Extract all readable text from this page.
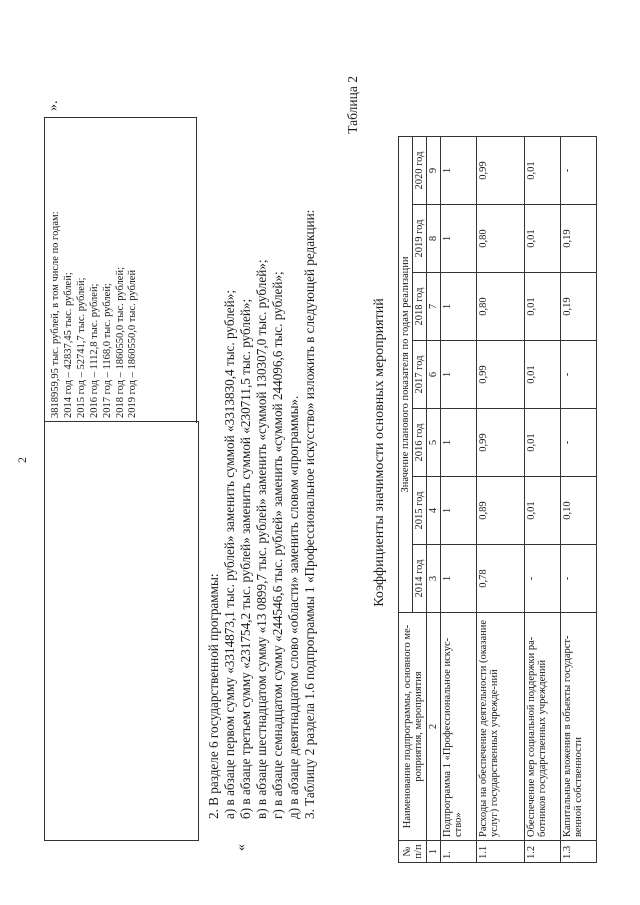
2
3818959,95 тыс. рублей, в том числе по годам: 2014 год – 42837,45 тыс. рублей; 2015 год – 52741,7 тыс. рублей; 2016 год – 1112,8 тыс. рублей; 2017 год – 1168,0 тыс. рублей; 2018 год – 1860550,0 тыс. рублей; 2019 год – 1860550,0 тыс. рублей
».
«
2. В разделе 6 государственной программы: а) в абзаце первом сумму «3314873,1 тыс. рублей» заменить суммой «3313830,4 тыс. рублей»; б) в абзаце третьем сумму «231754,2 тыс. рублей» заменить суммой «230711,5 тыс. рублей»; в) в абзаце шестнадцатом сумму «13 0899,7 тыс. рублей» заменить «суммой 130307,0 тыс. рублей»; г) в абзаце семнадцатом сумму «244546,6 тыс. рублей» заменить «суммой 244096,6 тыс. рублей»; д) в абзаце девятнадцатом слово «области» заменить словом «программы». 3. Таблицу 2 раздела 1.6 подпрограммы 1 «Профессиональное искусство» изложить в следующей редакции:
Таблица 2
Коэффициенты значимости основных мероприятий
№ п/п	Наименование подпрограммы, основного ме-роприятия, мероприятия	Значение планового показателя по годам реализации						
		2014 год	2015 год	2016 год	2017 год	2018 год	2019 год	2020 год
1	2	3	4	5	6	7	8	9
1.	Подпрограмма 1 «Профессиональное искус-ство»	1	1	1	1	1	1	1
1.1	Расходы на обеспечение деятельности (оказание услуг) государственных учрежде-ний	0,78	0,89	0,99	0,99	0,80	0,80	0,99
1.2	Обеспечение мер социальной поддержки ра-ботников государственных учреждений	-	0,01	0,01	0,01	0,01	0,01	0,01
1.3	Капитальные вложения в объекты государст-венной собственности	-	0,10	-	-	0,19	0,19	-
